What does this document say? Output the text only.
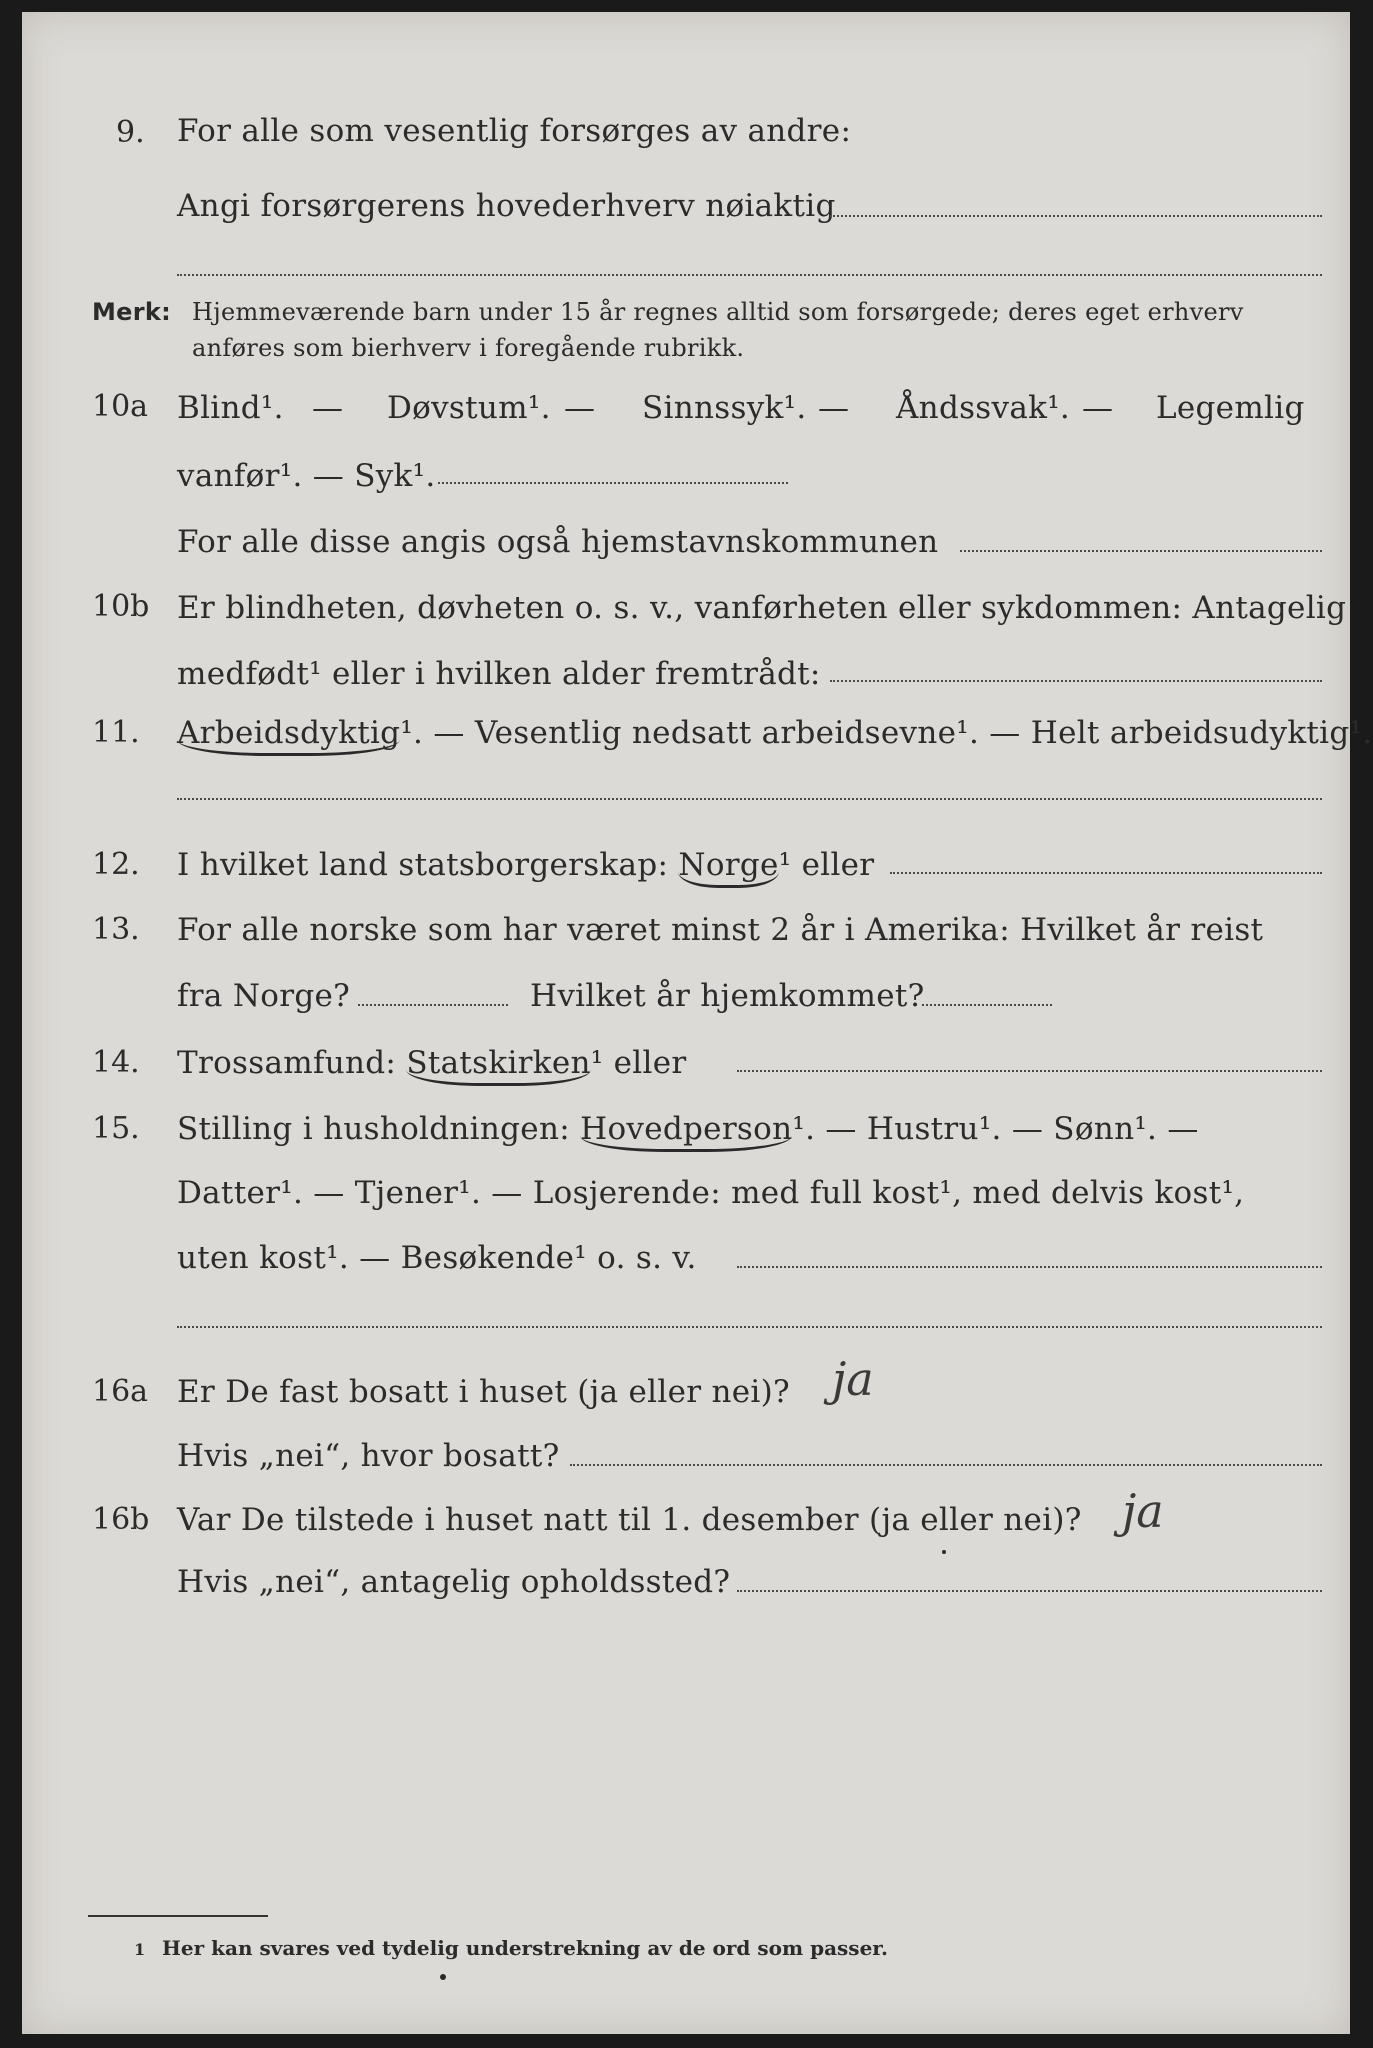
9. For alle som vesentlig forsørges av andre:
Angi forsørgerens hovederhverv nøiaktig
Merk: Hjemmeværende barn under 15 år regnes alltid som forsørgede; deres eget erhverv
anføres som bierhverv i foregående rubrikk.
10a Blind¹. — Døvstum¹. — Sinnssyk¹. — Åndssvak¹. — Legemlig
vanfør¹. — Syk¹.
For alle disse angis også hjemstavnskommunen
10b Er blindheten, døvheten o. s. v., vanførheten eller sykdommen: Antagelig
medfødt¹ eller i hvilken alder fremtrådt:
11. Arbeidsdyktig¹. — Vesentlig nedsatt arbeidsevne¹. — Helt arbeidsudyktig¹.
12. I hvilket land statsborgerskap: Norge¹ eller
13. For alle norske som har været minst 2 år i Amerika: Hvilket år reist
fra Norge?	Hvilket år hjemkommet?
14. Trossamfund: Statskirken¹ eller
15. Stilling i husholdningen: Hovedperson¹. — Hustru¹. — Sønn¹. —
Datter¹. — Tjener¹. — Losjerende: med full kost¹, med delvis kost¹,
uten kost¹. — Besøkende¹ o. s. v.
16a Er De fast bosatt i huset (ja eller nei)? ja
Hvis „nei“, hvor bosatt?
16b Var De tilstede i huset natt til 1. desember (ja eller nei)? ja
Hvis „nei“, antagelig opholdssted?
1 Her kan svares ved tydelig understrekning av de ord som passer.
